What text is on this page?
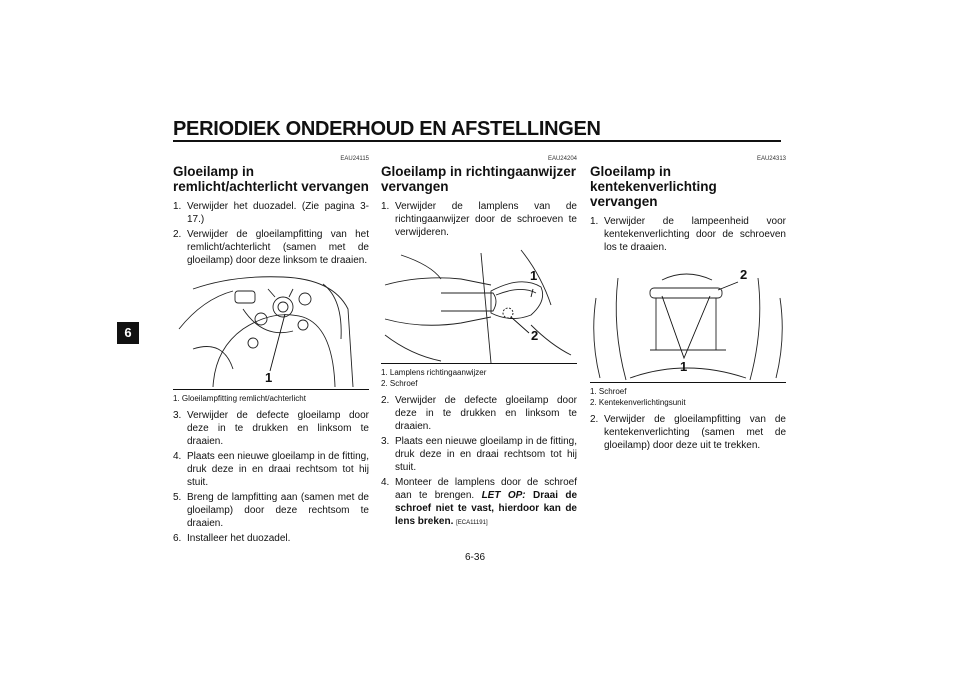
PERIODIEK ONDERHOUD EN AFSTELLINGEN
6
EAU24115
Gloeilamp in remlicht/achterlicht vervangen
1. Verwijder het duozadel. (Zie pagina 3-17.)
2. Verwijder de gloeilampfitting van het remlicht/achterlicht (samen met de gloeilamp) door deze linksom te draaien.
1
1. Gloeilampfitting remlicht/achterlicht
3. Verwijder de defecte gloeilamp door deze in te drukken en linksom te draaien.
4. Plaats een nieuwe gloeilamp in de fitting, druk deze in en draai rechtsom tot hij stuit.
5. Breng de lampfitting aan (samen met de gloeilamp) door deze rechtsom te draaien.
6. Installeer het duozadel.
EAU24204
Gloeilamp in richtingaanwijzer vervangen
1. Verwijder de lamplens van de richtingaanwijzer door de schroeven te verwijderen.
1
2
1. Lamplens richtingaanwijzer
2. Schroef
2. Verwijder de defecte gloeilamp door deze in te drukken en linksom te draaien.
3. Plaats een nieuwe gloeilamp in de fitting, druk deze in en draai rechtsom tot hij stuit.
4. Monteer de lamplens door de schroef aan te brengen. LET OP: Draai de schroef niet te vast, hierdoor kan de lens breken. [ECA11191]
EAU24313
Gloeilamp in kentekenverlichting vervangen
1. Verwijder de lampeenheid voor kentekenverlichting door de schroeven los te draaien.
2
1
1. Schroef
2. Kentekenverlichtingsunit
2. Verwijder de gloeilampfitting van de kentekenverlichting (samen met de gloeilamp) door deze uit te trekken.
6-36
